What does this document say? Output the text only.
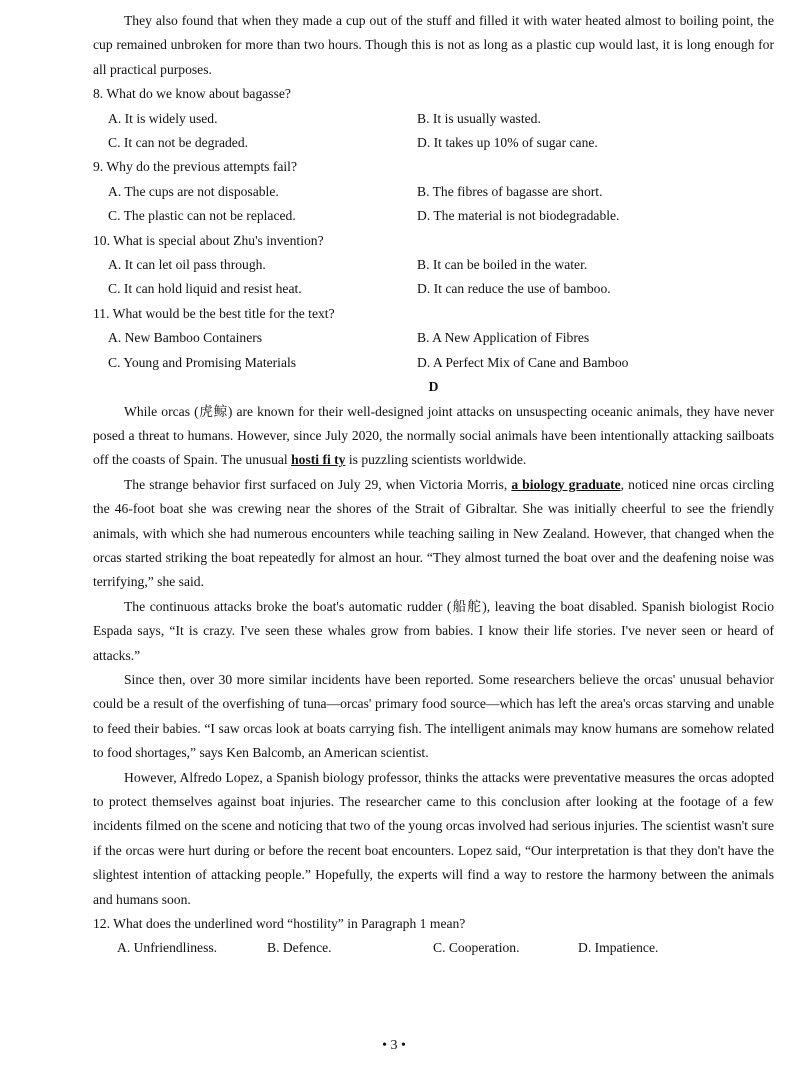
They also found that when they made a cup out of the stuff and filled it with water heated almost to boiling point, the cup remained unbroken for more than two hours. Though this is not as long as a plastic cup would last, it is long enough for all practical purposes.

8. What do we know about bagasse?

A. It is widely used.	B. It is usually wasted.
C. It can not be degraded.	D. It takes up 10% of sugar cane.

9. Why do the previous attempts fail?

A. The cups are not disposable.	B. The fibres of bagasse are short.
C. The plastic can not be replaced.	D. The material is not biodegradable.

10. What is special about Zhu's invention?

A. It can let oil pass through.	B. It can be boiled in the water.
C. It can hold liquid and resist heat.	D. It can reduce the use of bamboo.

11. What would be the best title for the text?

A. New Bamboo Containers	B. A New Application of Fibres
C. Young and Promising Materials	D. A Perfect Mix of Cane and Bamboo

D

While orcas (虎鲸) are known for their well-designed joint attacks on unsuspecting oceanic animals, they have never posed a threat to humans. However, since July 2020, the normally social animals have been intentionally attacking sailboats off the coasts of Spain. The unusual hosti fi ty is puzzling scientists worldwide.

The strange behavior first surfaced on July 29, when Victoria Morris, a biology graduate, noticed nine orcas circling the 46-foot boat she was crewing near the shores of the Strait of Gibraltar. She was initially cheerful to see the friendly animals, with which she had numerous encounters while teaching sailing in New Zealand. However, that changed when the orcas started striking the boat repeatedly for almost an hour. “They almost turned the boat over and the deafening noise was terrifying,” she said.

The continuous attacks broke the boat's automatic rudder (船舵), leaving the boat disabled. Spanish biologist Rocio Espada says, “It is crazy. I've seen these whales grow from babies. I know their life stories. I've never seen or heard of attacks.”

Since then, over 30 more similar incidents have been reported. Some researchers believe the orcas' unusual behavior could be a result of the overfishing of tuna—orcas' primary food source—which has left the area's orcas starving and unable to feed their babies. “I saw orcas look at boats carrying fish. The intelligent animals may know humans are somehow related to food shortages,” says Ken Balcomb, an American scientist.

However, Alfredo Lopez, a Spanish biology professor, thinks the attacks were preventative measures the orcas adopted to protect themselves against boat injuries. The researcher came to this conclusion after looking at the footage of a few incidents filmed on the scene and noticing that two of the young orcas involved had serious injuries. The scientist wasn't sure if the orcas were hurt during or before the recent boat encounters. Lopez said, “Our interpretation is that they don't have the slightest intention of attacking people.” Hopefully, the experts will find a way to restore the harmony between the animals and humans soon.

12. What does the underlined word “hostility” in Paragraph 1 mean?

A. Unfriendliness.	B. Defence.	C. Cooperation.	D. Impatience.
• 3 •
